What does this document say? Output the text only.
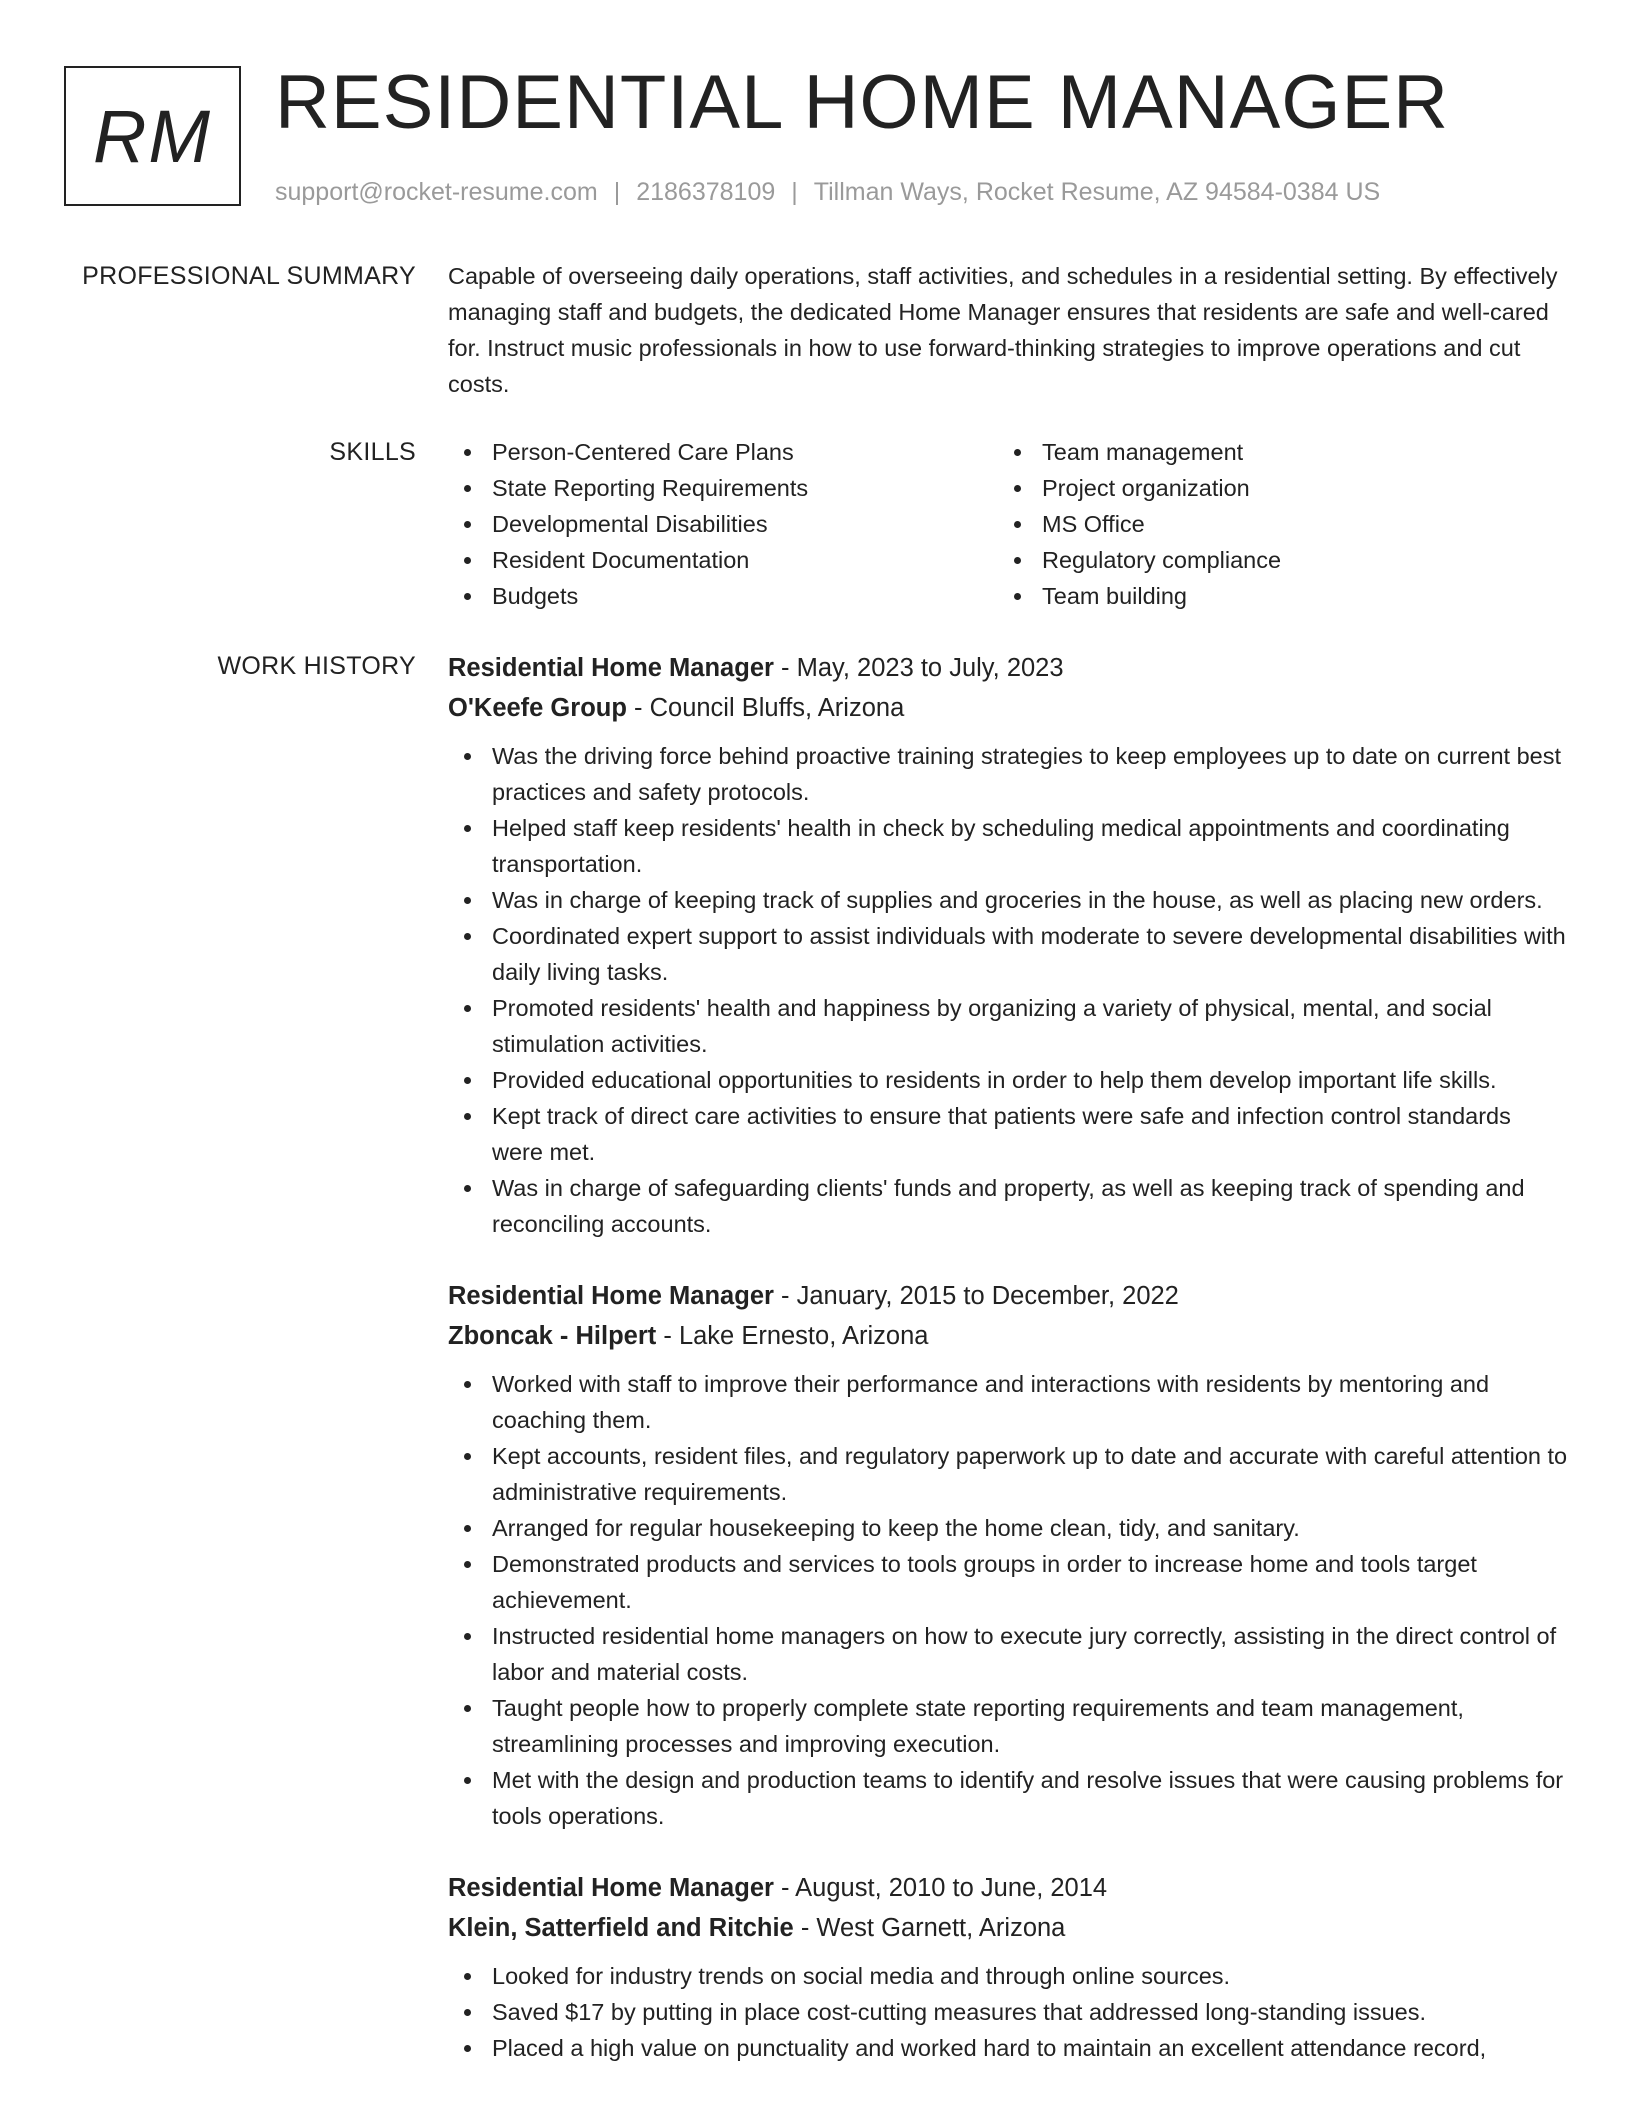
RM RESIDENTIAL HOME MANAGER
support@rocket-resume.com | 2186378109 | Tillman Ways, Rocket Resume, AZ 94584-0384 US
PROFESSIONAL SUMMARY Capable of overseeing daily operations, staff activities, and schedules in a residential setting. By effectively managing staff and budgets, the dedicated Home Manager ensures that residents are safe and well-cared for. Instruct music professionals in how to use forward-thinking strategies to improve operations and cut costs.

SKILLS	Person-Centered Care Plans
State Reporting Requirements
Developmental Disabilities
Resident Documentation
Budgets
Team management
Project organization
MS Office
Regulatory compliance
Team building
WORK HISTORY Residential Home Manager - May, 2023 to July, 2023
O'Keefe Group - Council Bluffs, Arizona
Was the driving force behind proactive training strategies to keep employees up to date on current best practices and safety protocols.
Helped staff keep residents' health in check by scheduling medical appointments and coordinating transportation.
Was in charge of keeping track of supplies and groceries in the house, as well as placing new orders.
Coordinated expert support to assist individuals with moderate to severe developmental disabilities with daily living tasks.
Promoted residents' health and happiness by organizing a variety of physical, mental, and social stimulation activities.
Provided educational opportunities to residents in order to help them develop important life skills.
Kept track of direct care activities to ensure that patients were safe and infection control standards were met.
Was in charge of safeguarding clients' funds and property, as well as keeping track of spending and reconciling accounts.
Residential Home Manager - January, 2015 to December, 2022
Zboncak - Hilpert - Lake Ernesto, Arizona
Worked with staff to improve their performance and interactions with residents by mentoring and coaching them.
Kept accounts, resident files, and regulatory paperwork up to date and accurate with careful attention to administrative requirements.
Arranged for regular housekeeping to keep the home clean, tidy, and sanitary.
Demonstrated products and services to tools groups in order to increase home and tools target achievement.
Instructed residential home managers on how to execute jury correctly, assisting in the direct control of labor and material costs.
Taught people how to properly complete state reporting requirements and team management, streamlining processes and improving execution.
Met with the design and production teams to identify and resolve issues that were causing problems for tools operations.
Residential Home Manager - August, 2010 to June, 2014
Klein, Satterfield and Ritchie - West Garnett, Arizona
Looked for industry trends on social media and through online sources.
Saved $17 by putting in place cost-cutting measures that addressed long-standing issues.
Placed a high value on punctuality and worked hard to maintain an excellent attendance record,
